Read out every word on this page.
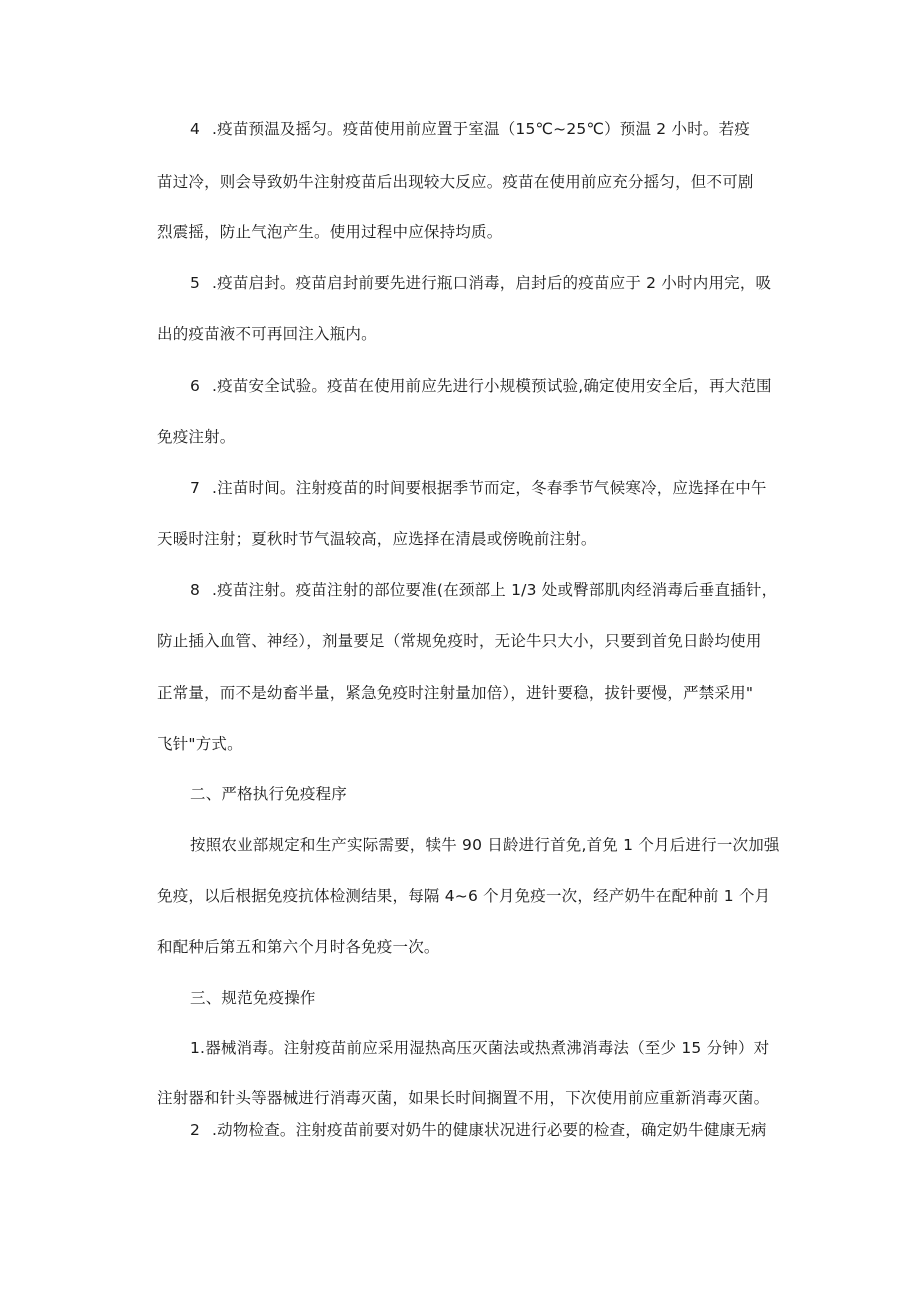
4 .疫苗预温及摇匀。疫苗使用前应置于室温（15℃~25℃）预温 2 小时。若疫
苗过冷，则会导致奶牛注射疫苗后出现较大反应。疫苗在使用前应充分摇匀，但不可剧
烈震摇，防止气泡产生。使用过程中应保持均质。
5 .疫苗启封。疫苗启封前要先进行瓶口消毒，启封后的疫苗应于 2 小时内用完，吸
出的疫苗液不可再回注入瓶内。
6 .疫苗安全试验。疫苗在使用前应先进行小规模预试验,确定使用安全后，再大范围
免疫注射。
7 .注苗时间。注射疫苗的时间要根据季节而定，冬春季节气候寒冷，应选择在中午
天暖时注射；夏秋时节气温较高，应选择在清晨或傍晚前注射。
8 .疫苗注射。疫苗注射的部位要准(在颈部上 1/3 处或臀部肌肉经消毒后垂直插针，
防止插入血管、神经），剂量要足（常规免疫时，无论牛只大小，只要到首免日龄均使用
正常量，而不是幼畜半量，紧急免疫时注射量加倍），进针要稳，拔针要慢，严禁采用"
飞针"方式。
二、严格执行免疫程序
按照农业部规定和生产实际需要，犊牛 90 日龄进行首免,首免 1 个月后进行一次加强
免疫，以后根据免疫抗体检测结果，每隔 4~6 个月免疫一次，经产奶牛在配种前 1 个月
和配种后第五和第六个月时各免疫一次。
三、规范免疫操作
1.器械消毒。注射疫苗前应采用湿热高压灭菌法或热煮沸消毒法（至少 15 分钟）对
注射器和针头等器械进行消毒灭菌，如果长时间搁置不用，下次使用前应重新消毒灭菌。
2 .动物检查。注射疫苗前要对奶牛的健康状况进行必要的检查，确定奶牛健康无病
